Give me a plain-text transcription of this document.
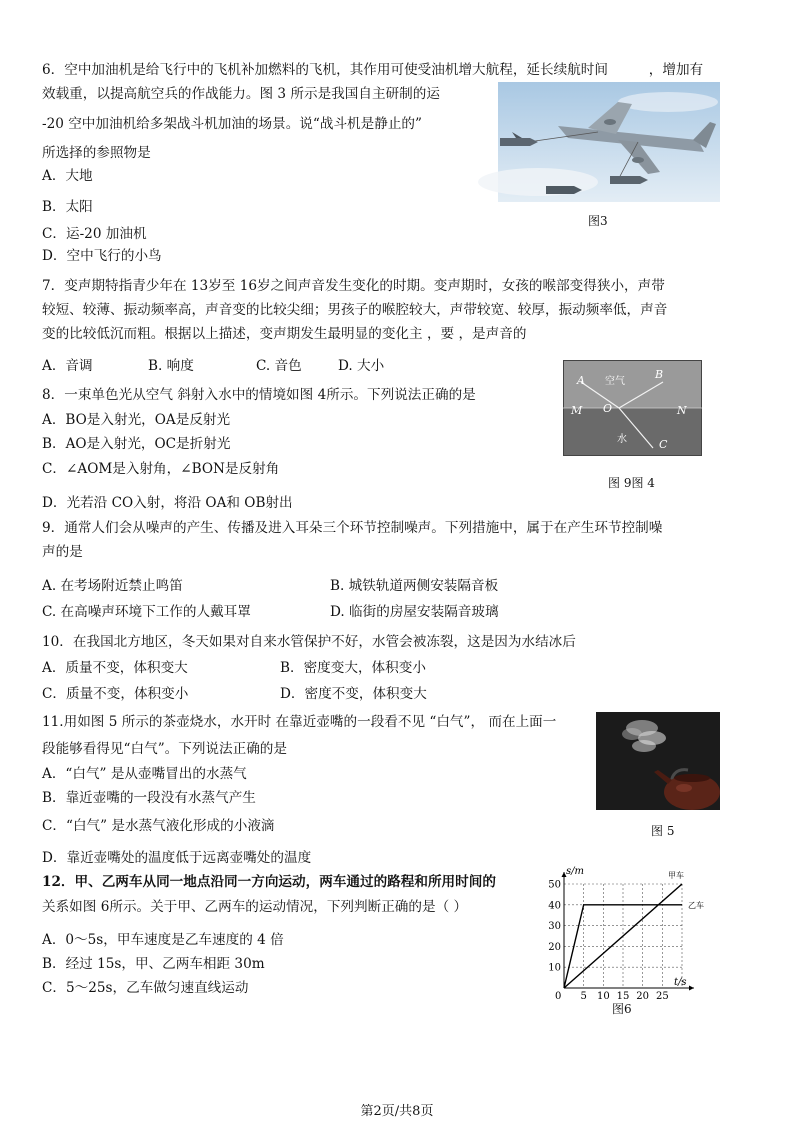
6．空中加油机是给飞行中的飞机补加燃料的飞机，其作用可使受油机增大航程，延长续航时间　　　，增加有
效载重，以提高航空兵的作战能力。图 3 所示是我国自主研制的运
-20 空中加油机给多架战斗机加油的场景。说“战斗机是静止的”
所选择的参照物是
A．大地
B．太阳
C．运-20 加油机
D．空中飞行的小鸟
图3
7．变声期特指青少年在 13岁至 16岁之间声音发生变化的时期。变声期时，女孩的喉部变得狭小，声带
较短、较薄、振动频率高，声音变的比较尖细；男孩子的喉腔较大，声带较宽、较厚，振动频率低，声音
变的比较低沉而粗。根据以上描述，变声期发生最明显的变化主 ，要 ，是声音的
A．音调	B. 响度	C. 音色	D. 大小
8．一束单色光从空气 斜射入水中的情境如图 4所示。下列说法正确的是
A．BO是入射光，OA是反射光
B．AO是入射光，OC是折射光
C．∠AOM是入射角，∠BON是反射角
D．光若沿 CO入射，将沿 OA和 OB射出
A 空气
B
M O	N
水	C
图 9图 4
9．通常人们会从噪声的产生、传播及进入耳朵三个环节控制噪声。下列措施中，属于在产生环节控制噪
声的是
A. 在考场附近禁止鸣笛	B. 城铁轨道两侧安装隔音板
C. 在高噪声环境下工作的人戴耳罩	D. 临街的房屋安装隔音玻璃
10．在我国北方地区，冬天如果对自来水管保护不好，水管会被冻裂，这是因为水结冰后
A．质量不变，体积变大	B．密度变大，体积变小
C．质量不变，体积变小	D．密度不变，体积变大
11.用如图 5 所示的茶壶烧水，水开时 在靠近壶嘴的一段看不见 “白气”， 而在上面一
段能够看得见“白气”。下列说法正确的是
A．“白气” 是从壶嘴冒出的水蒸气
B．靠近壶嘴的一段没有水蒸气产生
C．“白气” 是水蒸气液化形成的小液滴
D．靠近壶嘴处的温度低于远离壶嘴处的温度
图 5
12．甲、乙两车从同一地点沿同一方向运动，两车通过的路程和所用时间的
关系如图 6所示。关于甲、乙两车的运动情况，下列判断正确的是（ ）
A．0～5s，甲车速度是乙车速度的 4 倍
B．经过 15s，甲、乙两车相距 30m
C．5～25s，乙车做匀速直线运动
5 10 15 20 25
10
20
30
40
50
s/m
t/s
0
甲车
乙车
图6
第2页/共8页
